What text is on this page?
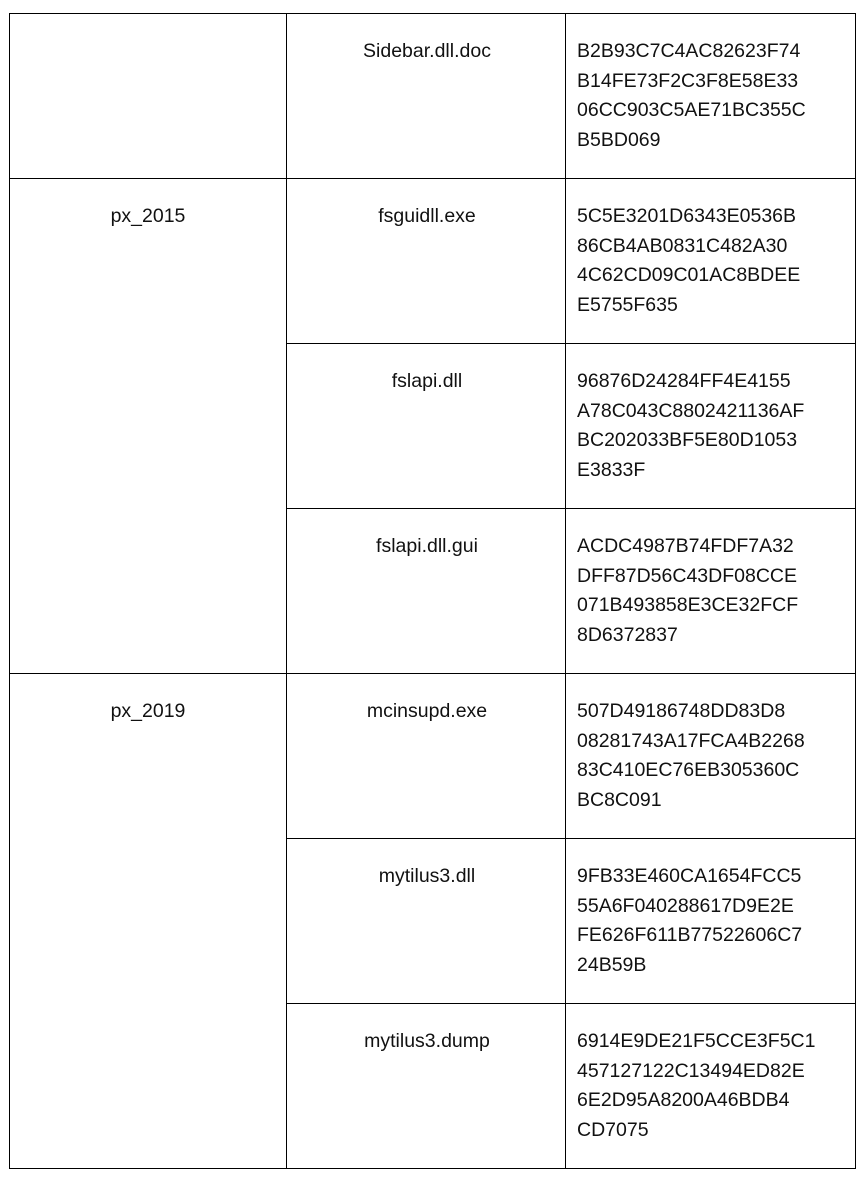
	Sidebar.dll.doc	B2B93C7C4AC82623F74
B14FE73F2C3F8E58E33
06CC903C5AE71BC355C
B5BD069

px_2015	fsguidll.exe	5C5E3201D6343E0536B
86CB4AB0831C482A30
4C62CD09C01AC8BDEE
E5755F635

	fslapi.dll	96876D24284FF4E4155
A78C043C8802421136AF
BC202033BF5E80D1053
E3833F

	fslapi.dll.gui	ACDC4987B74FDF7A32
DFF87D56C43DF08CCE
071B493858E3CE32FCF
8D6372837

px_2019	mcinsupd.exe	507D49186748DD83D8
08281743A17FCA4B2268
83C410EC76EB305360C
BC8C091

	mytilus3.dll	9FB33E460CA1654FCC5
55A6F040288617D9E2E
FE626F611B77522606C7
24B59B

	mytilus3.dump	6914E9DE21F5CCE3F5C1
457127122C13494ED82E
6E2D95A8200A46BDB4
CD7075
